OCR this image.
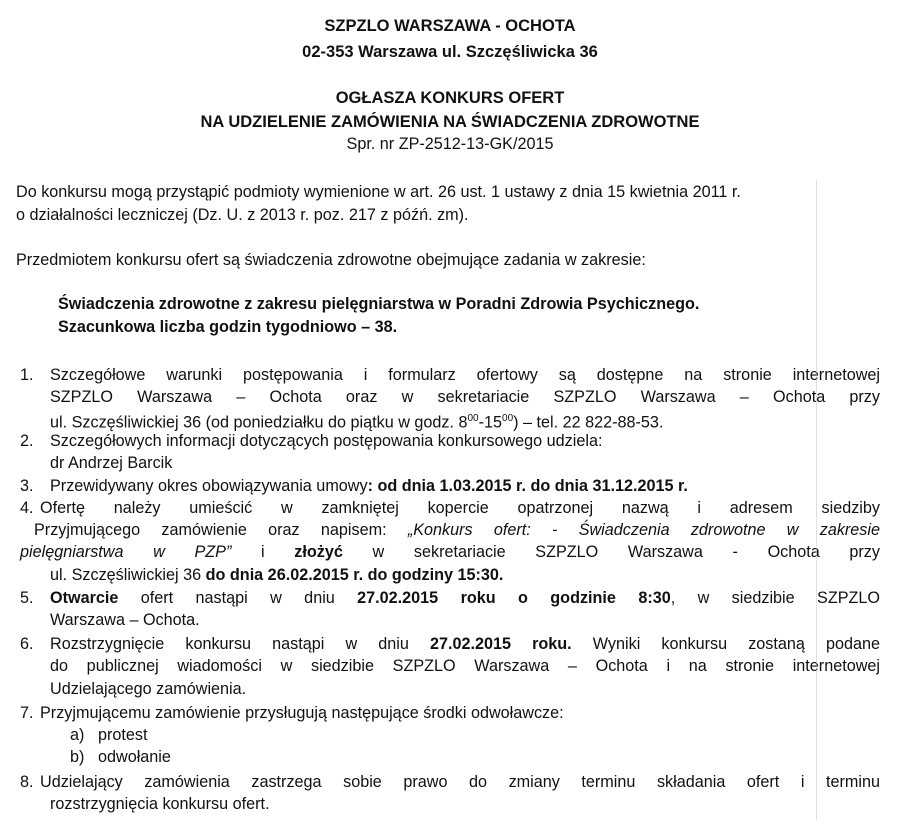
SZPZLO WARSZAWA - OCHOTA
02-353 Warszawa ul. Szczęśliwicka 36
OGŁASZA KONKURS OFERT
NA UDZIELENIE ZAMÓWIENIA NA ŚWIADCZENIA ZDROWOTNE
Spr. nr ZP-2512-13-GK/2015
Do konkursu mogą przystąpić podmioty wymienione w art. 26 ust. 1 ustawy z dnia 15 kwietnia 2011 r.
o działalności leczniczej (Dz. U. z 2013 r. poz. 217 z późń. zm).
Przedmiotem konkursu ofert są świadczenia zdrowotne obejmujące zadania w zakresie:
Świadczenia zdrowotne z zakresu pielęgniarstwa w Poradni Zdrowia Psychicznego.
Szacunkowa liczba godzin tygodniowo – 38.
1. Szczegółowe warunki postępowania i formularz ofertowy są dostępne na stronie internetowej
SZPZLO Warszawa – Ochota oraz w sekretariacie SZPZLO Warszawa – Ochota przy
ul. Szczęśliwickiej 36 (od poniedziałku do piątku w godz. $8^{00}-15^{00}$) – tel. 22 822-88-53.
2. Szczegółowych informacji dotyczących postępowania konkursowego udziela:
dr Andrzej Barcik
3. Przewidywany okres obowiązywania umowy: od dnia 1.03.2015 r. do dnia 31.12.2015 r.
4. Ofertę należy umieścić w zamkniętej kopercie opatrzonej nazwą i adresem siedziby
Przyjmującego zamówienie oraz napisem: „Konkurs ofert: - Świadczenia zdrowotne w zakresie
pielęgniarstwa w PZP” i złożyć w sekretariacie SZPZLO Warszawa - Ochota przy
ul. Szczęśliwickiej 36 do dnia 26.02.2015 r. do godziny 15:30.
5. Otwarcie ofert nastąpi w dniu 27.02.2015 roku o godzinie 8:30, w siedzibie SZPZLO
Warszawa – Ochota.
6. Rozstrzygnięcie konkursu nastąpi w dniu 27.02.2015 roku. Wyniki konkursu zostaną podane
do publicznej wiadomości w siedzibie SZPZLO Warszawa – Ochota i na stronie internetowej
Udzielającego zamówienia.
7. Przyjmującemu zamówienie przysługują następujące środki odwoławcze:
a) protest
b) odwołanie
8. Udzielający zamówienia zastrzega sobie prawo do zmiany terminu składania ofert i terminu
rozstrzygnięcia konkursu ofert.
